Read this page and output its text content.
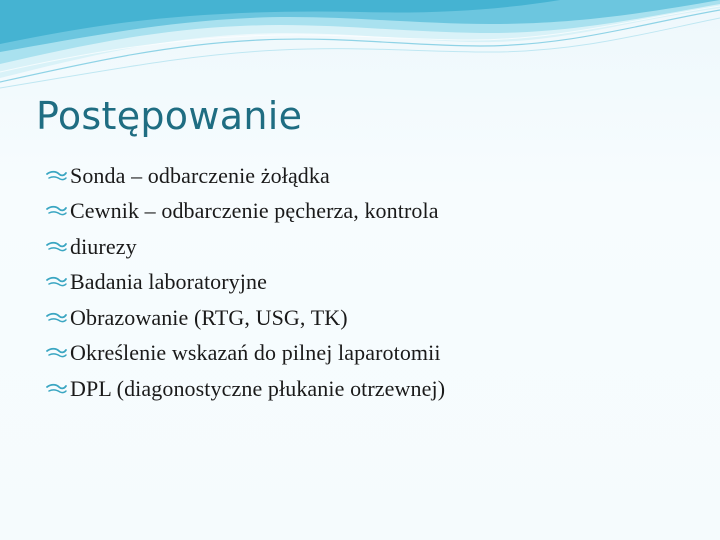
Postępowanie
Sonda – odbarczenie żołądka
Cewnik – odbarczenie pęcherza, kontrola
diurezy
Badania laboratoryjne
Obrazowanie (RTG, USG, TK)
Określenie wskazań do pilnej laparotomii
DPL (diagonostyczne płukanie otrzewnej)
